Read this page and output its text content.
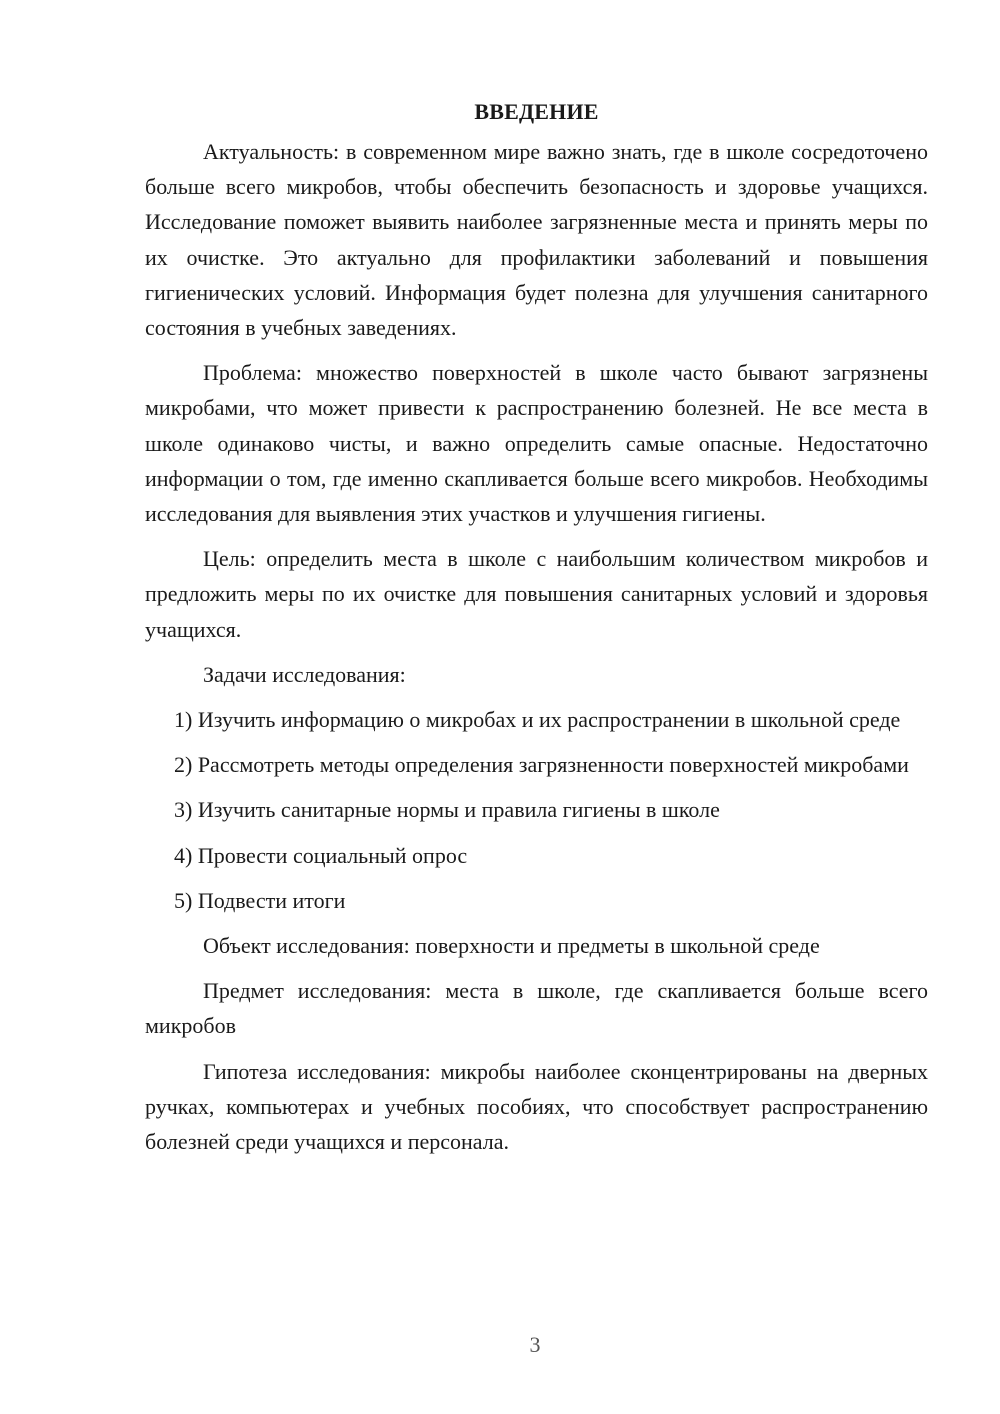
ВВЕДЕНИЕ

Актуальность: в современном мире важно знать, где в школе сосредоточено больше всего микробов, чтобы обеспечить безопасность и здоровье учащихся. Исследование поможет выявить наиболее загрязненные места и принять меры по их очистке. Это актуально для профилактики заболеваний и повышения гигиенических условий. Информация будет полезна для улучшения санитарного состояния в учебных заведениях.

Проблема: множество поверхностей в школе часто бывают загрязнены микробами, что может привести к распространению болезней. Не все места в школе одинаково чисты, и важно определить самые опасные. Недостаточно информации о том, где именно скапливается больше всего микробов. Необходимы исследования для выявления этих участков и улучшения гигиены.

Цель: определить места в школе с наибольшим количеством микробов и предложить меры по их очистке для повышения санитарных условий и здоровья учащихся.

Задачи исследования:

1) Изучить информацию о микробах и их распространении в школьной среде

2) Рассмотреть методы определения загрязненности поверхностей микробами

3) Изучить санитарные нормы и правила гигиены в школе

4) Провести социальный опрос

5) Подвести итоги

Объект исследования: поверхности и предметы в школьной среде

Предмет исследования: места в школе, где скапливается больше всего микробов

Гипотеза исследования: микробы наиболее сконцентрированы на дверных ручках, компьютерах и учебных пособиях, что способствует распространению болезней среди учащихся и персонала.

3
